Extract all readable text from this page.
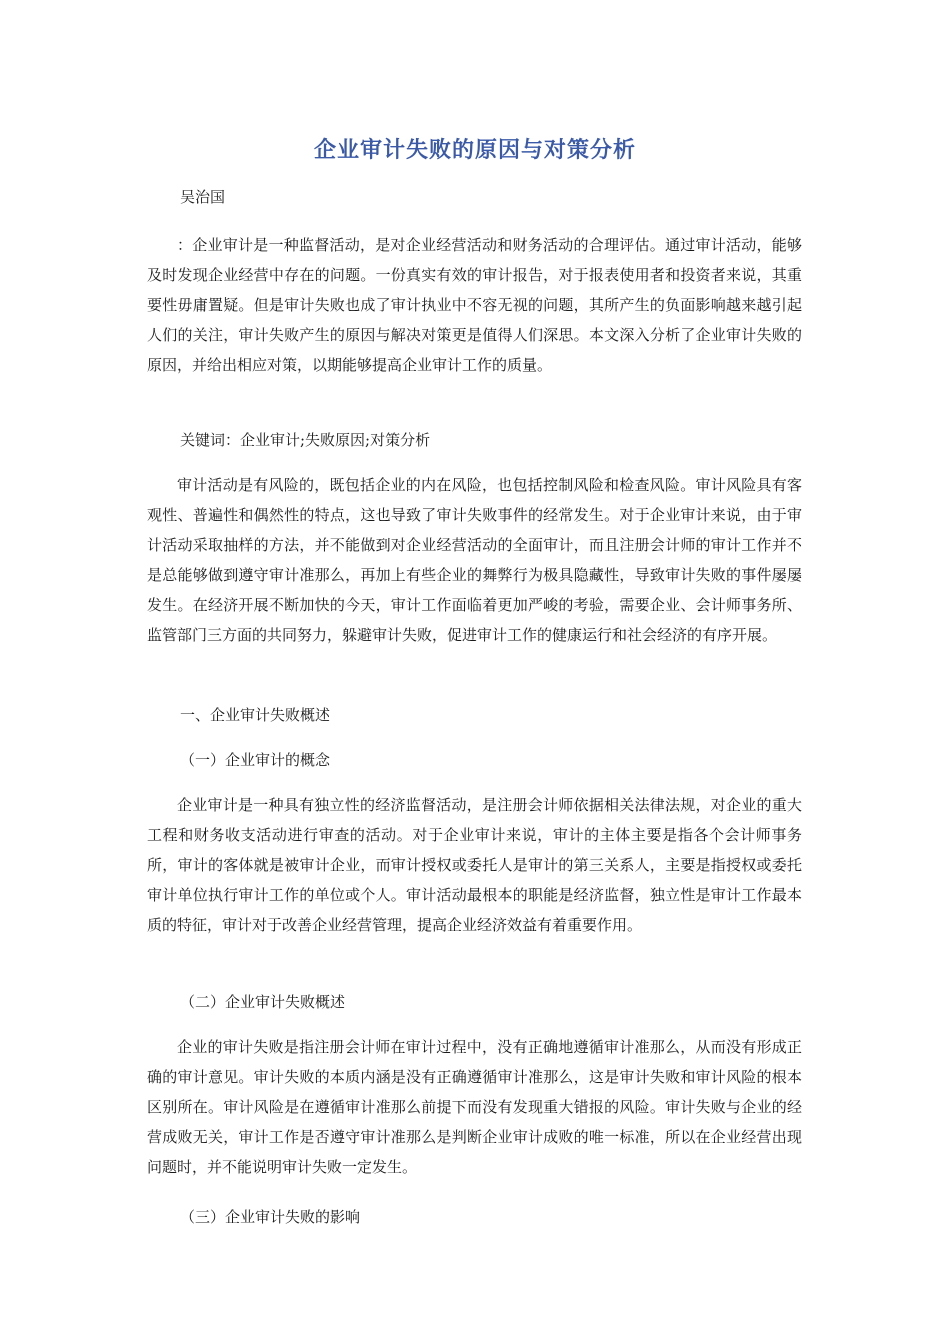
企业审计失败的原因与对策分析

吴治国

：企业审计是一种监督活动，是对企业经营活动和财务活动的合理评估。通过审计活动，能够及时发现企业经营中存在的问题。一份真实有效的审计报告，对于报表使用者和投资者来说，其重要性毋庸置疑。但是审计失败也成了审计执业中不容无视的问题，其所产生的负面影响越来越引起人们的关注，审计失败产生的原因与解决对策更是值得人们深思。本文深入分析了企业审计失败的原因，并给出相应对策，以期能够提高企业审计工作的质量。

关键词：企业审计;失败原因;对策分析

审计活动是有风险的，既包括企业的内在风险，也包括控制风险和检查风险。审计风险具有客观性、普遍性和偶然性的特点，这也导致了审计失败事件的经常发生。对于企业审计来说，由于审计活动采取抽样的方法，并不能做到对企业经营活动的全面审计，而且注册会计师的审计工作并不是总能够做到遵守审计准那么，再加上有些企业的舞弊行为极具隐藏性，导致审计失败的事件屡屡发生。在经济开展不断加快的今天，审计工作面临着更加严峻的考验，需要企业、会计师事务所、监管部门三方面的共同努力，躲避审计失败，促进审计工作的健康运行和社会经济的有序开展。

一、企业审计失败概述

（一）企业审计的概念

企业审计是一种具有独立性的经济监督活动，是注册会计师依据相关法律法规，对企业的重大工程和财务收支活动进行审查的活动。对于企业审计来说，审计的主体主要是指各个会计师事务所，审计的客体就是被审计企业，而审计授权或委托人是审计的第三关系人，主要是指授权或委托审计单位执行审计工作的单位或个人。审计活动最根本的职能是经济监督，独立性是审计工作最本质的特征，审计对于改善企业经营管理，提高企业经济效益有着重要作用。

（二）企业审计失败概述

企业的审计失败是指注册会计师在审计过程中，没有正确地遵循审计准那么，从而没有形成正确的审计意见。审计失败的本质内涵是没有正确遵循审计准那么，这是审计失败和审计风险的根本区别所在。审计风险是在遵循审计准那么前提下而没有发现重大错报的风险。审计失败与企业的经营成败无关，审计工作是否遵守审计准那么是判断企业审计成败的唯一标准，所以在企业经营出现问题时，并不能说明审计失败一定发生。

（三）企业审计失败的影响
